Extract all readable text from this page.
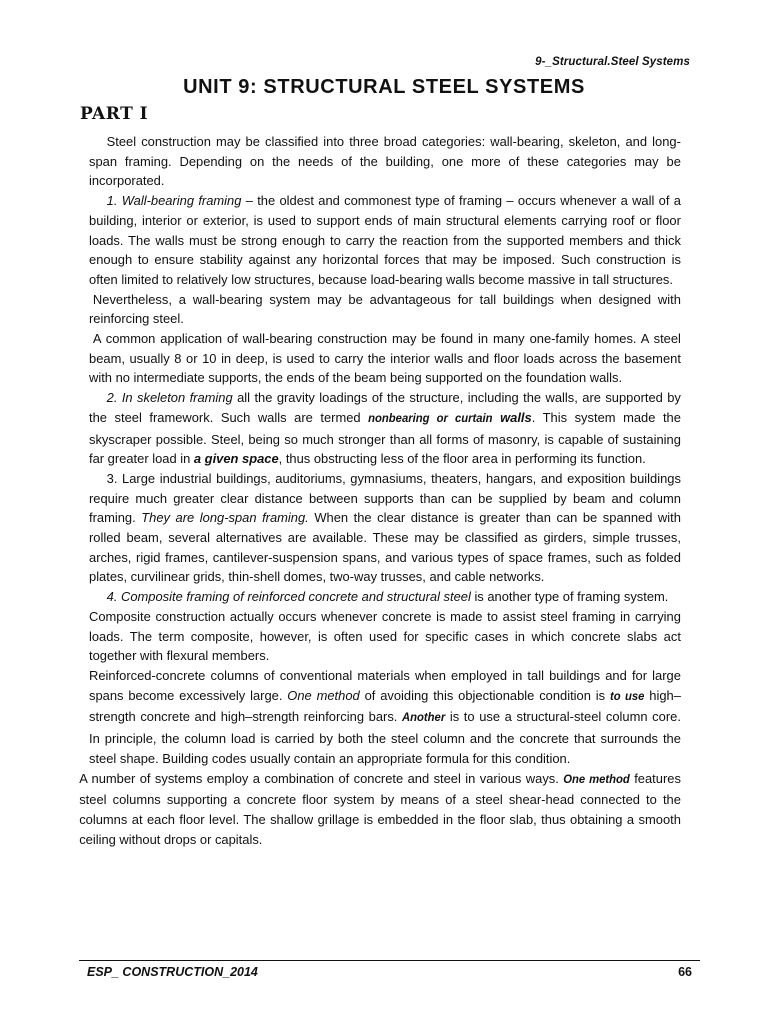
9-_Structural.Steel Systems
UNIT 9: STRUCTURAL STEEL SYSTEMS
PART I

Steel construction may be classified into three broad categories: wall-bearing, skeleton, and long-span framing. Depending on the needs of the building, one more of these categories may be incorporated.

1. Wall-bearing framing – the oldest and commonest type of framing – occurs whenever a wall of a building, interior or exterior, is used to support ends of main structural elements carrying roof or floor loads. The walls must be strong enough to carry the reaction from the supported members and thick enough to ensure stability against any horizontal forces that may be imposed. Such construction is often limited to relatively low structures, because load-bearing walls become massive in tall structures.

Nevertheless, a wall-bearing system may be advantageous for tall buildings when designed with reinforcing steel.

A common application of wall-bearing construction may be found in many one-family homes. A steel beam, usually 8 or 10 in deep, is used to carry the interior walls and floor loads across the basement with no intermediate supports, the ends of the beam being supported on the foundation walls.

2. In skeleton framing all the gravity loadings of the structure, including the walls, are supported by the steel framework. Such walls are termed nonbearing or curtain walls. This system made the skyscraper possible. Steel, being so much stronger than all forms of masonry, is capable of sustaining far greater load in a given space, thus obstructing less of the floor area in performing its function.

3. Large industrial buildings, auditoriums, gymnasiums, theaters, hangars, and exposition buildings require much greater clear distance between supports than can be supplied by beam and column framing. They are long-span framing. When the clear distance is greater than can be spanned with rolled beam, several alternatives are available. These may be classified as girders, simple trusses, arches, rigid frames, cantilever-suspension spans, and various types of space frames, such as folded plates, curvilinear grids, thin-shell domes, two-way trusses, and cable networks.

4. Composite framing of reinforced concrete and structural steel is another type of framing system.

Composite construction actually occurs whenever concrete is made to assist steel framing in carrying loads. The term composite, however, is often used for specific cases in which concrete slabs act together with flexural members.

Reinforced-concrete columns of conventional materials when employed in tall buildings and for large spans become excessively large. One method of avoiding this objectionable condition is to use high–strength concrete and high–strength reinforcing bars. Another is to use a structural-steel column core. In principle, the column load is carried by both the steel column and the concrete that surrounds the steel shape. Building codes usually contain an appropriate formula for this condition.

A number of systems employ a combination of concrete and steel in various ways. One method features steel columns supporting a concrete floor system by means of a steel shear-head connected to the columns at each floor level. The shallow grillage is embedded in the floor slab, thus obtaining a smooth ceiling without drops or capitals.

ESP_ CONSTRUCTION_2014	66
